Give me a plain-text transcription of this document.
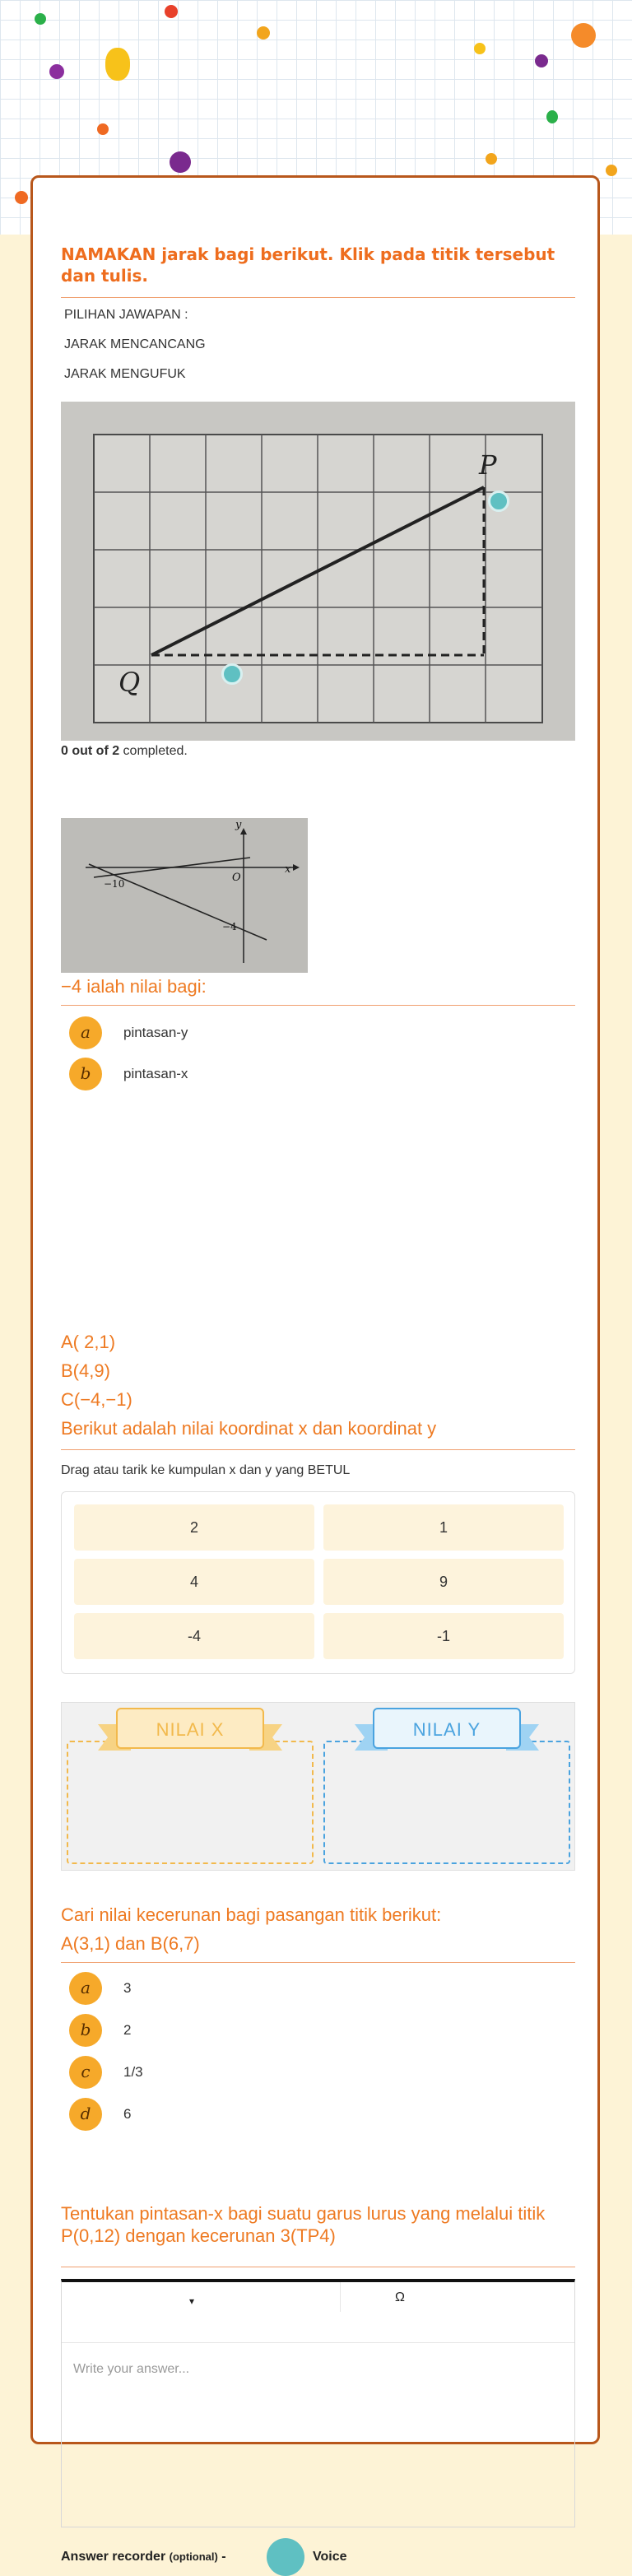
NAMAKAN jarak bagi berikut. Klik pada titik tersebut dan tulis.
PILIHAN JAWAPAN :
JARAK MENCANCANG
JARAK MENGUFUK
P
Q
0 out of 2 completed.
y
x
O
−10
−4
−4 ialah nilai bagi:
a	pintasan-y
b	pintasan-x
A( 2,1)
B(4,9)
C(−4,−1)
Berikut adalah nilai koordinat x dan koordinat y
Drag atau tarik ke kumpulan x dan y yang BETUL
2	1
4	9
-4	-1
NILAI X	NILAI Y
Cari nilai kecerunan bagi pasangan titik berikut:
A(3,1) dan B(6,7)
a	3
b	2
c	1/3
d	6
Tentukan pintasan-x bagi suatu garus lurus yang melalui titik P(0,12) dengan kecerunan 3(TP4)
▾	Ω
Write your answer...
Answer recorder (optional) -	Voice
